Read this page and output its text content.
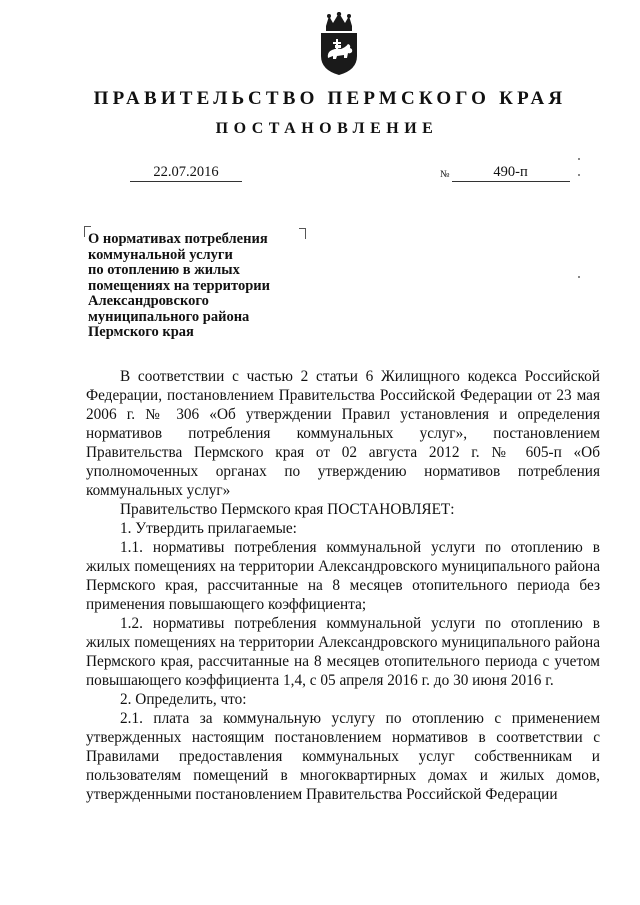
ПРАВИТЕЛЬСТВО ПЕРМСКОГО КРАЯ
ПОСТАНОВЛЕНИЕ
22.07.2016	№	490-п
О нормативах потребления
коммунальной услуги
по отоплению в жилых
помещениях на территории
Александровского
муниципального района
Пермского края

В соответствии с частью 2 статьи 6 Жилищного кодекса Российской Федерации, постановлением Правительства Российской Федерации от 23 мая 2006 г. № 306 «Об утверждении Правил установления и определения нормативов потребления коммунальных услуг», постановлением Правительства Пермского края от 02 августа 2012 г. № 605-п «Об уполномоченных органах по утверждению нормативов потребления коммунальных услуг»

Правительство Пермского края ПОСТАНОВЛЯЕТ:

1. Утвердить прилагаемые:

1.1. нормативы потребления коммунальной услуги по отоплению в жилых помещениях на территории Александровского муниципального района Пермского края, рассчитанные на 8 месяцев отопительного периода без применения повышающего коэффициента;

1.2. нормативы потребления коммунальной услуги по отоплению в жилых помещениях на территории Александровского муниципального района Пермского края, рассчитанные на 8 месяцев отопительного периода с учетом повышающего коэффициента 1,4, с 05 апреля 2016 г. до 30 июня 2016 г.

2. Определить, что:

2.1. плата за коммунальную услугу по отоплению с применением утвержденных настоящим постановлением нормативов в соответствии с Правилами предоставления коммунальных услуг собственникам и пользователям помещений в многоквартирных домах и жилых домов, утвержденными постановлением Правительства Российской Федерации
